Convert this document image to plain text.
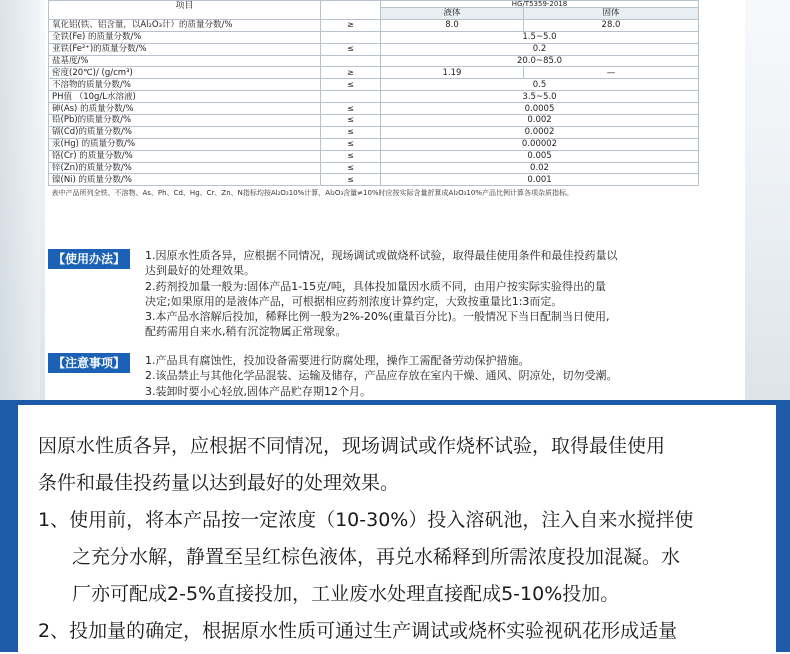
项目		HG/T5359-2018	
		液体	固体
氧化铝(铁、铝含量，以Al₂O₃计）的质量分数/%	≥	8.0	28.0
全铁(Fe) 的质量分数/%		1.5~5.0	
亚铁(Fe²⁺)的质量分数/%	≤	0.2	
盐基度/%		20.0~85.0	
密度(20℃)/ (g/cm³)	≥	1.19	—
不溶物的质量分数/%	≤	0.5	
PH值 （10g/L水溶液)		3.5~5.0	
砷(As) 的质量分数/%	≤	0.0005	
铅(Pb)的质量分数/%	≤	0.002	
镉(Cd)的质量分数/%	≤	0.0002	
汞(Hg) 的质量分数/%	≤	0.00002	
铬(Cr) 的质量分数/%	≤	0.005	
锌(Zn)的质量分数/%	≤	0.02	
镍(Ni) 的质量分数/%	≤	0.001	
表中产品所列全铁、不溶物、As、Ph、Cd、Hg、Cr、Zn、N指标均按Al₂O₃10%计算，Al₂O₃含量≠10%时应按实际含量折算成Al₂O₃10%产品比例计算各项杂质指标。			
【使用办法】	1.因原水性质各异，应根据不同情况，现场调试或做烧杯试验，取得最佳使用条件和最佳投药量以

达到最好的处理效果。

2.药剂投加量一般为:固体产品1-15克/吨，具体投加量因水质不同，由用户按实际实验得出的量

决定;如果原用的是液体产品，可根据相应药剂浓度计算约定，大致按重量比1:3而定。

3.本产品水溶解后投加，稀释比例一般为2%-20%(重量百分比)。一般情况下当日配制当日使用,

配药需用自来水,稍有沉淀物属正常现象。

【注意事项】	1.产品具有腐蚀性，投加设备需要进行防腐处理，操作工需配备劳动保护措施。

2.该品禁止与其他化学品混装、运输及储存，产品应存放在室内干燥、通风、阴凉处，切勿受潮。

3.装卸时要小心轻放,固体产品贮存期12个月。

因原水性质各异，应根据不同情况，现场调试或作烧杯试验，取得最佳使用

条件和最佳投药量以达到最好的处理效果。

1、使用前，将本产品按一定浓度（10-30%）投入溶矾池，注入自来水搅拌使

之充分水解，静置至呈红棕色液体，再兑水稀释到所需浓度投加混凝。水

厂亦可配成2-5%直接投加，工业废水处理直接配成5-10%投加。

2、投加量的确定，根据原水性质可通过生产调试或烧杯实验视矾花形成适量
